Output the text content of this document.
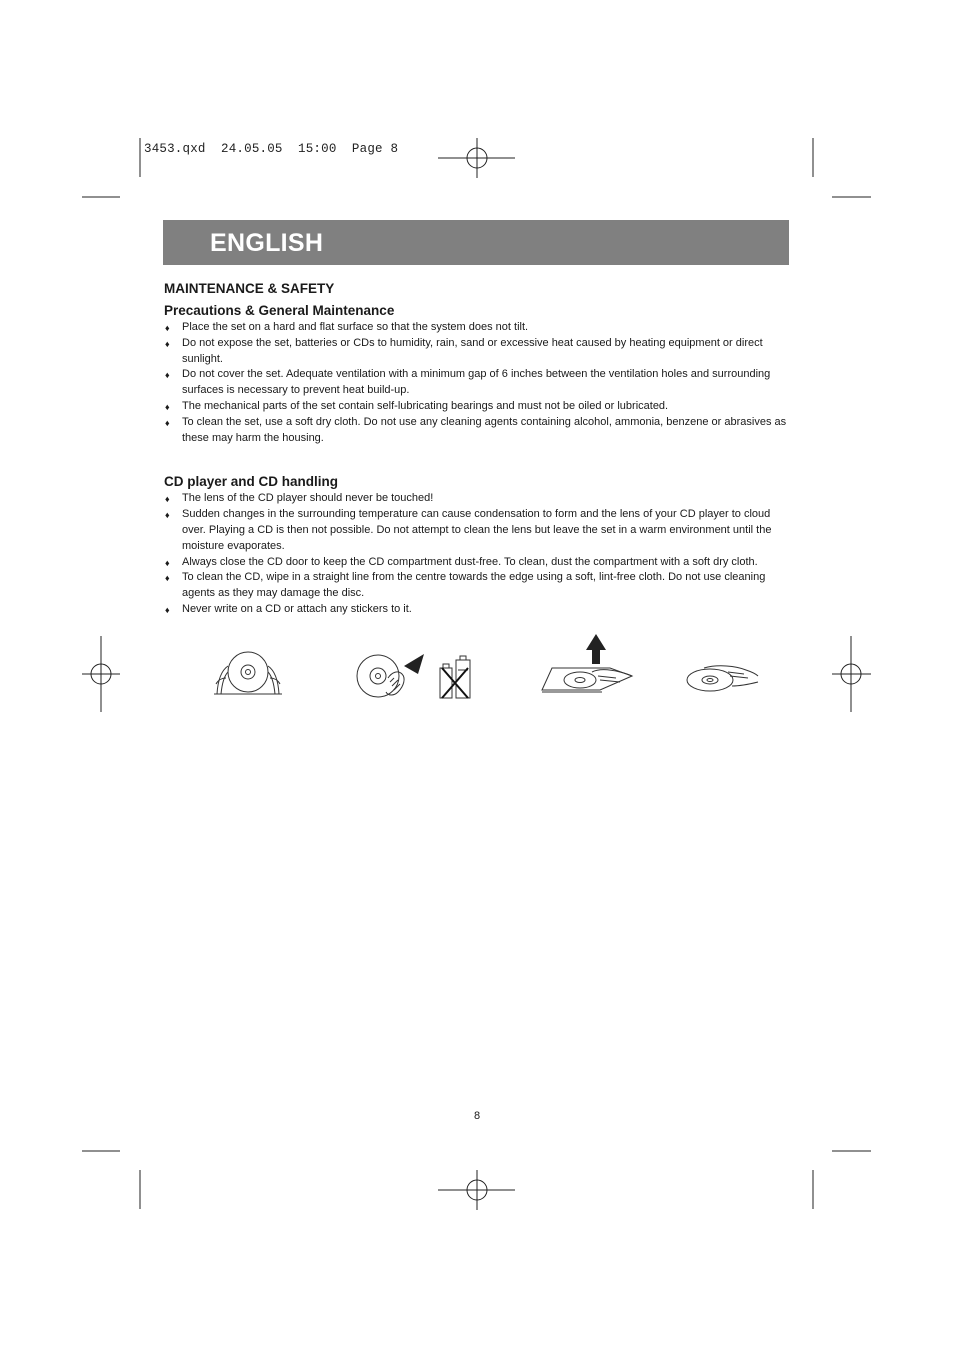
3453.qxd  24.05.05  15:00  Page 8
ENGLISH
MAINTENANCE & SAFETY
Precautions & General Maintenance
♦ Place the set on a hard and flat surface so that the system does not tilt.
♦ Do not expose the set, batteries or CDs to humidity, rain, sand or excessive heat caused by heating equipment or direct sunlight.
♦ Do not cover the set. Adequate ventilation with a minimum gap of 6 inches between the ventilation holes and surrounding surfaces is necessary to prevent heat build-up.
♦ The mechanical parts of the set contain self-lubricating bearings and must not be oiled or lubricated.
♦ To clean the set, use a soft dry cloth. Do not use any cleaning agents containing alcohol, ammonia, benzene or abrasives as these may harm the housing.
CD player and CD handling
♦ The lens of the CD player should never be touched!
♦ Sudden changes in the surrounding temperature can cause condensation to form and the lens of your CD player to cloud over. Playing a CD is then not possible. Do not attempt to clean the lens but leave the set in a warm environment until the moisture evaporates.
♦ Always close the CD door to keep the CD compartment dust-free. To clean, dust the compartment with a soft dry cloth.
♦ To clean the CD, wipe in a straight line from the centre towards the edge using a soft, lint-free cloth. Do not use cleaning agents as they may damage the disc.
♦ Never write on a CD or attach any stickers to it.
8
